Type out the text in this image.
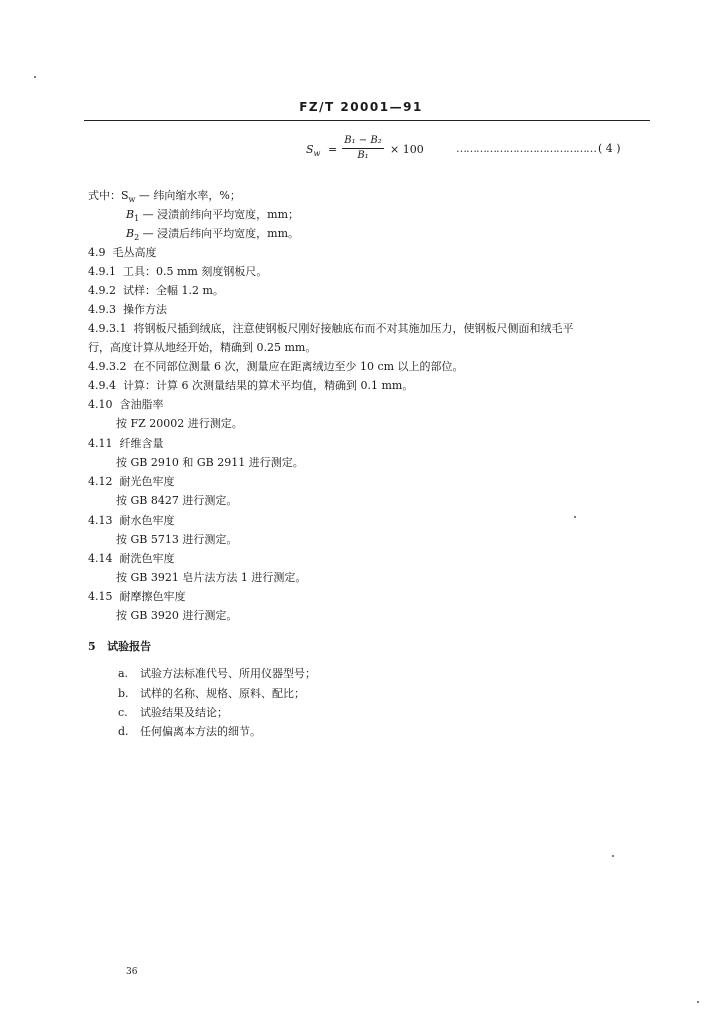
FZ/T 20001—91
$S_w = \frac{\text{B₁ − B₂}}{\text{B₁}} \times 100$	…………………………………… ( 4 )
式中：$S_w$ — 纬向缩水率，%；
$B_1$ — 浸渍前纬向平均宽度，mm；
$B_2$ — 浸渍后纬向平均宽度，mm。
4.9 毛丛高度
4.9.1 工具：0.5 mm 刻度钢板尺。
4.9.2 试样：全幅 1.2 m。
4.9.3 操作方法
4.9.3.1 将钢板尺插到绒底，注意使钢板尺刚好接触底布而不对其施加压力，使钢板尺侧面和绒毛平
行，高度计算从地经开始，精确到 0.25 mm。
4.9.3.2 在不同部位测量 6 次，测量应在距离绒边至少 10 cm 以上的部位。
4.9.4 计算：计算 6 次测量结果的算术平均值，精确到 0.1 mm。
4.10 含油脂率
按 FZ 20002 进行测定。
4.11 纤维含量
按 GB 2910 和 GB 2911 进行测定。
4.12 耐光色牢度
按 GB 8427 进行测定。
4.13 耐水色牢度
按 GB 5713 进行测定。
4.14 耐洗色牢度
按 GB 3921 皂片法方法 1 进行测定。
4.15 耐摩擦色牢度
按 GB 3920 进行测定。
5 试验报告
a. 试验方法标准代号、所用仪器型号；
b. 试样的名称、规格、原料、配比；
c. 试验结果及结论；
d. 任何偏离本方法的细节。
36
